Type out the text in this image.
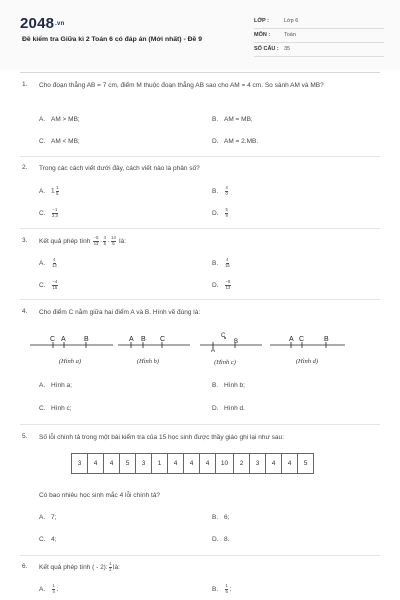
2048.vn
Đề kiểm tra Giữa kì 2 Toán 6 có đáp án (Mới nhất) - Đề 9
LỚP :	Lớp 6
MÔN :	Toán
SỐ CÂU : 35
1. Cho đoạn thẳng AB = 7 cm, điểm M thuộc đoạn thẳng AB sao cho AM = 4 cm. So sánh AM và MB?
A. AM > MB;	B. AM = MB;
C. AM < MB;	D. AM = 2.MB.
2. Trong các cách viết dưới đây, cách viết nào là phân số?
A. $1 \frac{1}{5}$	B. $\frac{4}{0}$
C. $\frac{-1}{2,3}$	D. $\frac{5}{9}$
3. Kết quả phép tính $\frac{-5}{13} \cdot \frac{4}{5} \cdot \frac{14}{5}$ là:
A. $\frac{4}{13}$	B. $\frac{4}{15}$
C. $\frac{-4}{15}$	D. $\frac{-8}{13}$
4. Cho điểm C nằm giữa hai điểm A và B. Hình vẽ đúng là:
C A	B	A B C	C
A
B	A C	B
(Hình a)	(Hình b)	(Hình c)	(Hình d)
A. Hình a;	B. Hình b;
C. Hình c;	D. Hình d.
5. Số lỗi chính tả trong một bài kiểm tra của 15 học sinh được thầy giáo ghi lại như sau:
3	4	4	5	3	1	4	4	4	10	2	3	4	4	5
Có bao nhiêu học sinh mắc 4 lỗi chính tả?
A. 7;	B. 6;
C. 4;	D. 8.
6. Kết quả phép tính ( - 2): $\frac{1}{2}$ là:
A. $\frac{1}{4}$ ;	B. $\frac{1}{5}$ ;
